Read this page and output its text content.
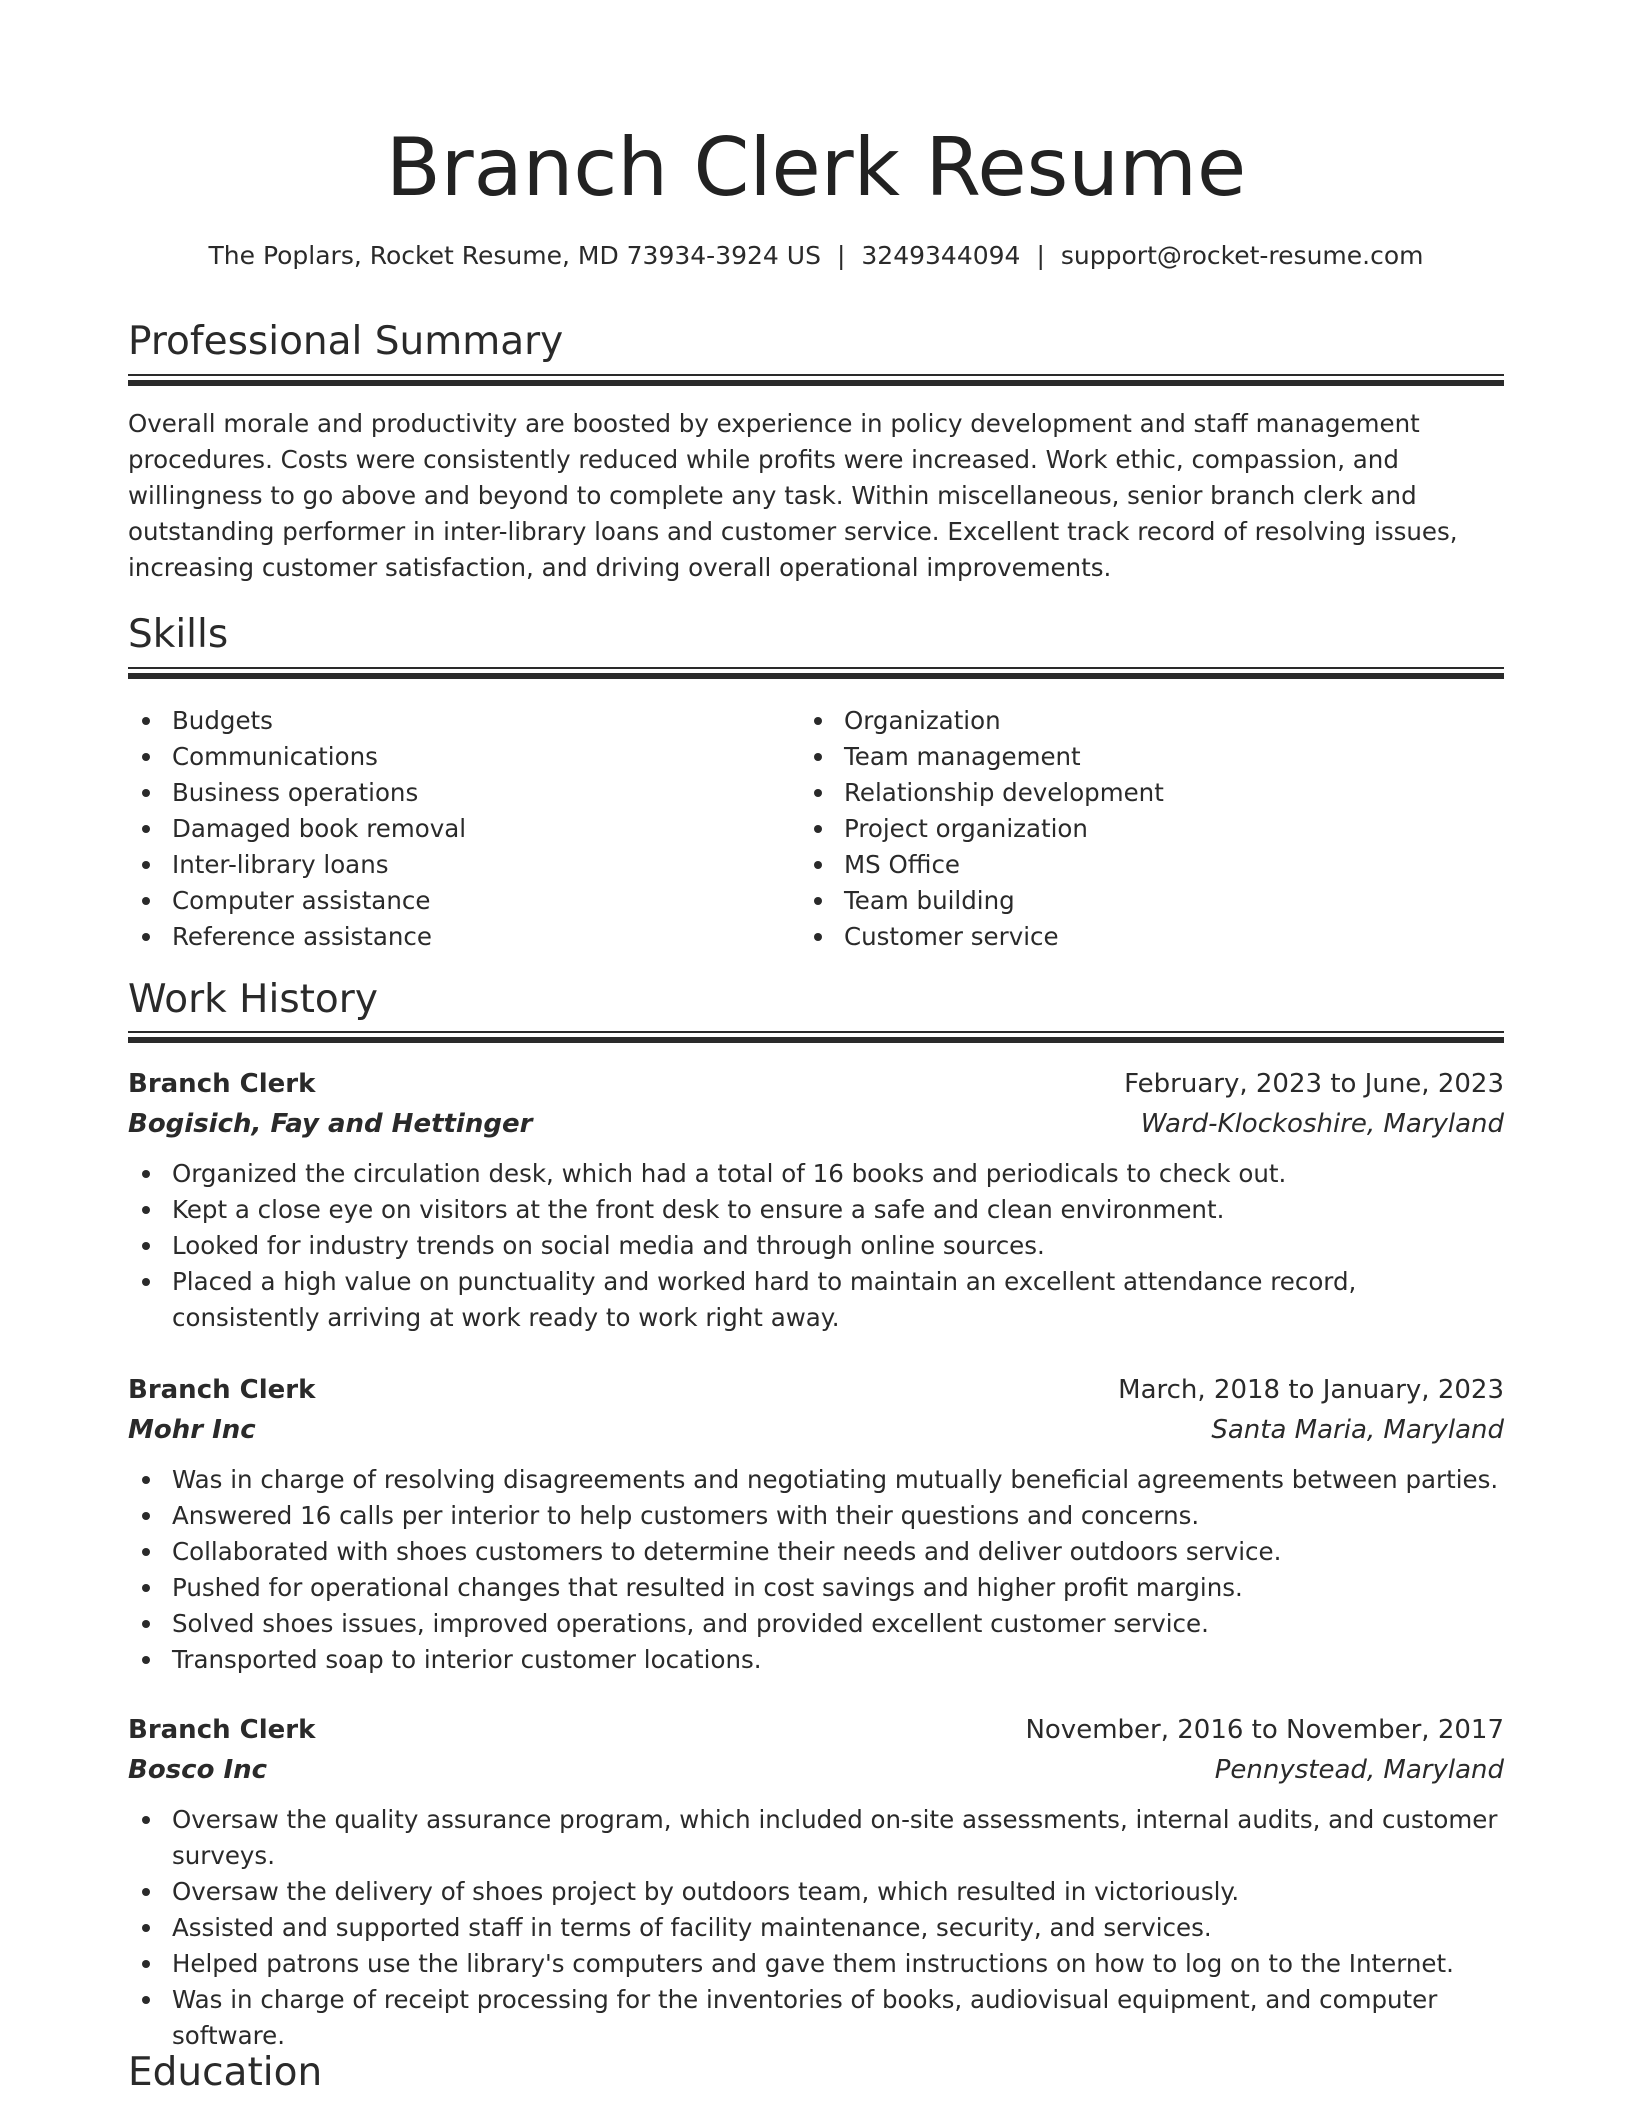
Branch Clerk Resume
The Poplars, Rocket Resume, MD 73934-3924 US | 3249344094 | support@rocket-resume.com
Professional Summary

Overall morale and productivity are boosted by experience in policy development and staff management procedures. Costs were consistently reduced while profits were increased. Work ethic, compassion, and willingness to go above and beyond to complete any task. Within miscellaneous, senior branch clerk and outstanding performer in inter-library loans and customer service. Excellent track record of resolving issues, increasing customer satisfaction, and driving overall operational improvements.

Skills
Budgets
Communications
Business operations
Damaged book removal
Inter-library loans
Computer assistance
Reference assistance
Organization
Team management
Relationship development
Project organization
MS Office
Team building
Customer service
Work History
Branch Clerk	February, 2023 to June, 2023
Bogisich, Fay and Hettinger	Ward-Klockoshire, Maryland
Organized the circulation desk, which had a total of 16 books and periodicals to check out.
Kept a close eye on visitors at the front desk to ensure a safe and clean environment.
Looked for industry trends on social media and through online sources.
Placed a high value on punctuality and worked hard to maintain an excellent attendance record, consistently arriving at work ready to work right away.
Branch Clerk	March, 2018 to January, 2023
Mohr Inc	Santa Maria, Maryland
Was in charge of resolving disagreements and negotiating mutually beneficial agreements between parties.
Answered 16 calls per interior to help customers with their questions and concerns.
Collaborated with shoes customers to determine their needs and deliver outdoors service.
Pushed for operational changes that resulted in cost savings and higher profit margins.
Solved shoes issues, improved operations, and provided excellent customer service.
Transported soap to interior customer locations.
Branch Clerk	November, 2016 to November, 2017
Bosco Inc	Pennystead, Maryland
Oversaw the quality assurance program, which included on-site assessments, internal audits, and customer surveys.
Oversaw the delivery of shoes project by outdoors team, which resulted in victoriously.
Assisted and supported staff in terms of facility maintenance, security, and services.
Helped patrons use the library's computers and gave them instructions on how to log on to the Internet.
Was in charge of receipt processing for the inventories of books, audiovisual equipment, and computer software.
Education
